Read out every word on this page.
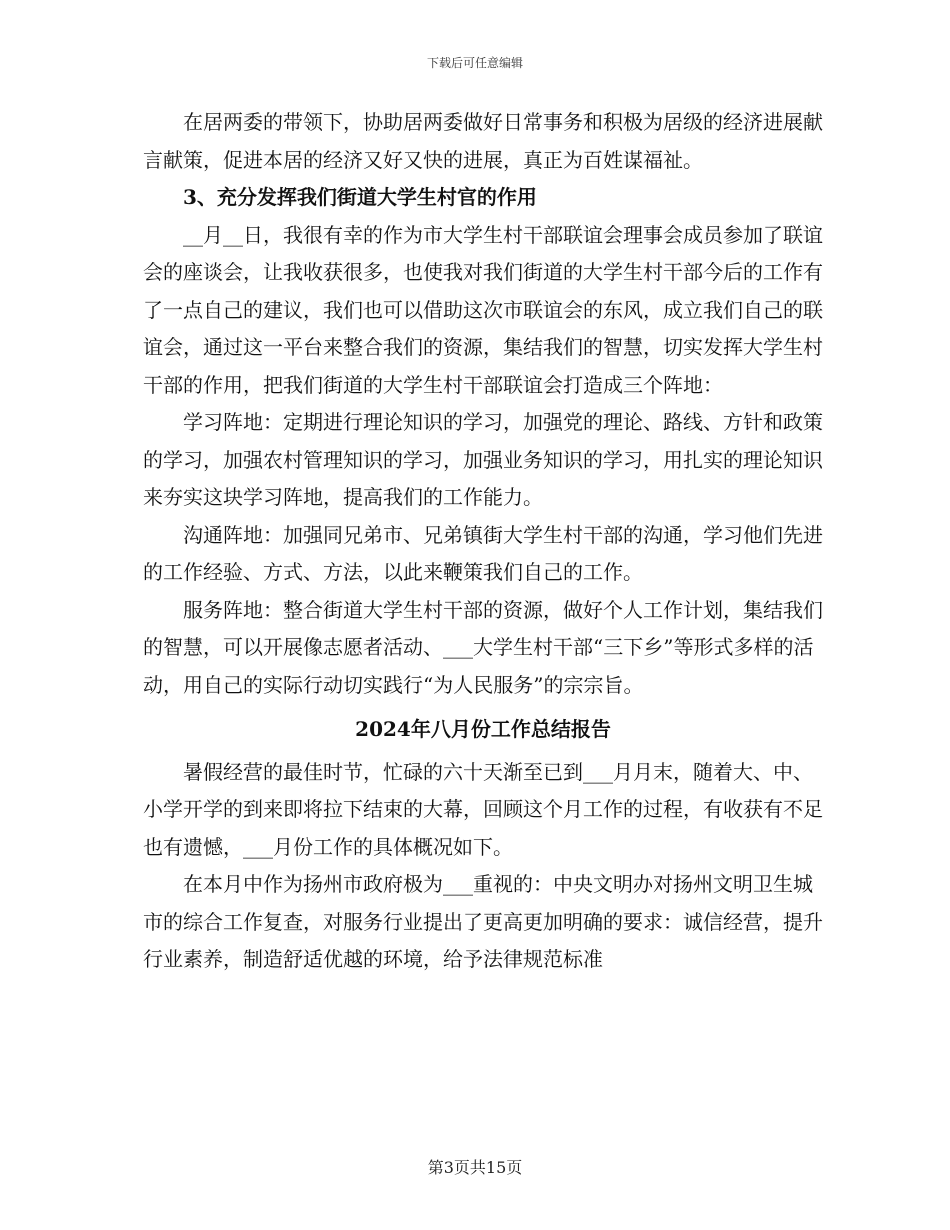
下载后可任意编辑

在居两委的带领下，协助居两委做好日常事务和积极为居级的经济进展献言献策，促进本居的经济又好又快的进展，真正为百姓谋福祉。

3、充分发挥我们街道大学生村官的作用

__月__日，我很有幸的作为市大学生村干部联谊会理事会成员参加了联谊会的座谈会，让我收获很多，也使我对我们街道的大学生村干部今后的工作有了一点自己的建议，我们也可以借助这次市联谊会的东风，成立我们自己的联谊会，通过这一平台来整合我们的资源，集结我们的智慧，切实发挥大学生村干部的作用，把我们街道的大学生村干部联谊会打造成三个阵地：

学习阵地：定期进行理论知识的学习，加强党的理论、路线、方针和政策的学习，加强农村管理知识的学习，加强业务知识的学习，用扎实的理论知识来夯实这块学习阵地，提高我们的工作能力。

沟通阵地：加强同兄弟市、兄弟镇街大学生村干部的沟通，学习他们先进的工作经验、方式、方法，以此来鞭策我们自己的工作。

服务阵地：整合街道大学生村干部的资源，做好个人工作计划，集结我们的智慧，可以开展像志愿者活动、___大学生村干部“三下乡”等形式多样的活动，用自己的实际行动切实践行“为人民服务”的宗宗旨。

2024年八月份工作总结报告

暑假经营的最佳时节，忙碌的六十天渐至已到___月月末，随着大、中、小学开学的到来即将拉下结束的大幕，回顾这个月工作的过程，有收获有不足也有遗憾，___月份工作的具体概况如下。

在本月中作为扬州市政府极为___重视的：中央文明办对扬州文明卫生城市的综合工作复查，对服务行业提出了更高更加明确的要求：诚信经营，提升行业素养，制造舒适优越的环境，给予法律规范标准

第3页共15页
